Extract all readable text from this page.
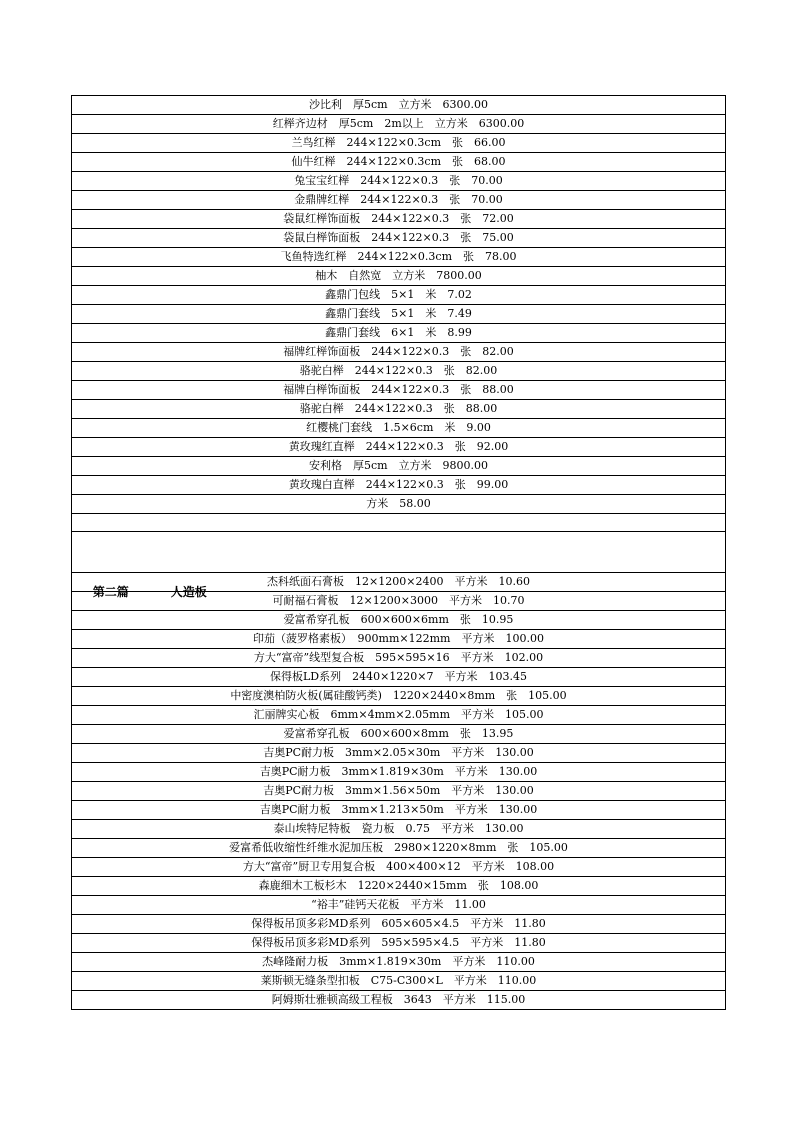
沙比利　厚5cm　立方米　6300.00
红榉齐边材　厚5cm　2m以上　立方米　6300.00
兰鸟红榉　244×122×0.3cm　张　66.00
仙牛红榉　244×122×0.3cm　张　68.00
兔宝宝红榉　244×122×0.3　张　70.00
金鼎牌红榉　244×122×0.3　张　70.00
袋鼠红榉饰面板　244×122×0.3　张　72.00
袋鼠白榉饰面板　244×122×0.3　张　75.00
飞鱼特选红榉　244×122×0.3cm　张　78.00
柚木　自然宽　立方米　7800.00
鑫鼎门包线　5×1　米　7.02
鑫鼎门套线　5×1　米　7.49
鑫鼎门套线　6×1　米　8.99
福牌红榉饰面板　244×122×0.3　张　82.00
骆驼白榉　244×122×0.3　张　82.00
福牌白榉饰面板　244×122×0.3　张　88.00
骆驼白榉　244×122×0.3　张　88.00
红樱桃门套线　1.5×6cm　米　9.00
黄玫瑰红直榉　244×122×0.3　张　92.00
安利格　厚5cm　立方米　9800.00
黄玫瑰白直榉　244×122×0.3　张　99.00
方米　58.00

第二篇	人造板

杰科纸面石膏板　12×1200×2400　平方米　10.60
可耐福石膏板　12×1200×3000　平方米　10.70
爱富希穿孔板　600×600×6mm　张　10.95
印茄（菠罗格素板）　900mm×122mm　平方米　100.00
方大“富帝”线型复合板　595×595×16　平方米　102.00
保得板LD系列　2440×1220×7　平方米　103.45
中密度澳柏防火板(属硅酸钙类)　1220×2440×8mm　张　105.00
汇丽牌实心板　6mm×4mm×2.05mm　平方米　105.00
爱富希穿孔板　600×600×8mm　张　13.95
吉奥PC耐力板　3mm×2.05×30m　平方米　130.00
吉奥PC耐力板　3mm×1.819×30m　平方米　130.00
吉奥PC耐力板　3mm×1.56×50m　平方米　130.00
吉奥PC耐力板　3mm×1.213×50m　平方米　130.00
泰山埃特尼特板　瓷力板　0.75　平方米　130.00
爱富希低收缩性纤维水泥加压板　2980×1220×8mm　张　105.00
方大“富帝”厨卫专用复合板　400×400×12　平方米　108.00
森鹿细木工板杉木　1220×2440×15mm　张　108.00
“裕丰”硅钙天花板　平方米　11.00
保得板吊顶多彩MD系列　605×605×4.5　平方米　11.80
保得板吊顶多彩MD系列　595×595×4.5　平方米　11.80
杰峰隆耐力板　3mm×1.819×30m　平方米　110.00
莱斯顿无缝条型扣板　C75-C300×L　平方米　110.00
阿姆斯壮雅顿高级工程板　3643　平方米　115.00
